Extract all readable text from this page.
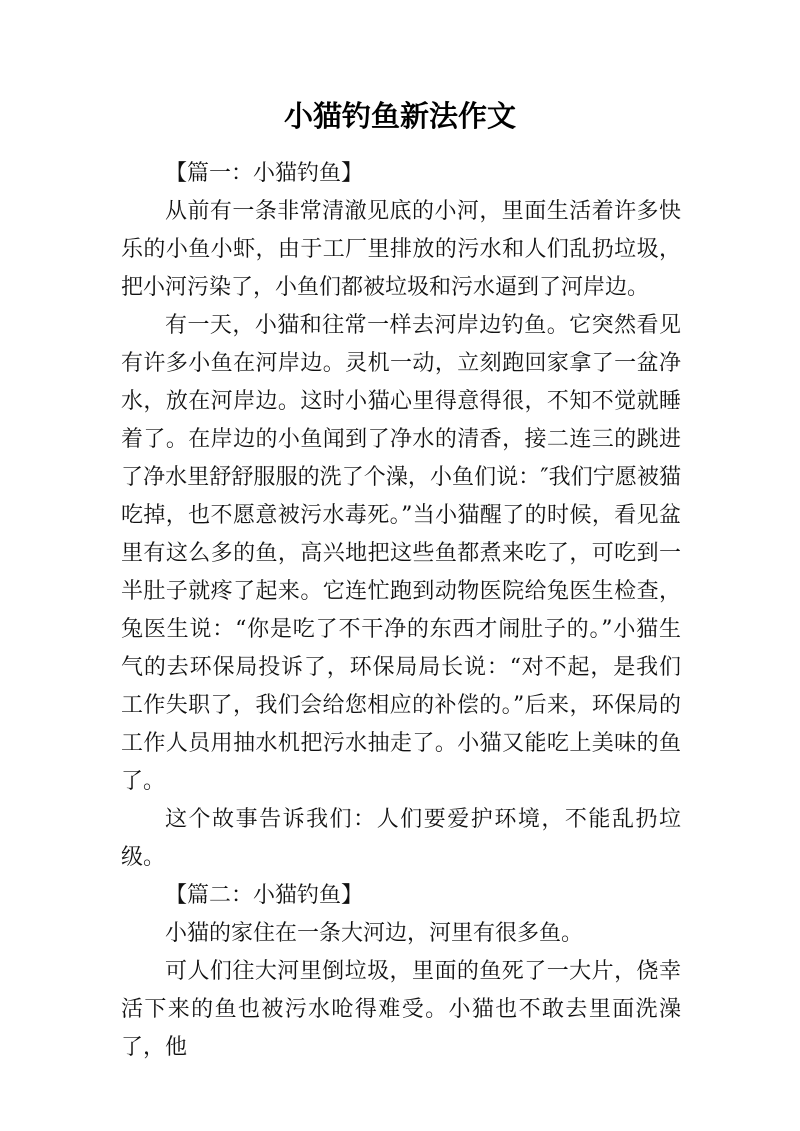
小猫钓鱼新法作文

【篇一：小猫钓鱼】

从前有一条非常清澈见底的小河，里面生活着许多快乐的小鱼小虾，由于工厂里排放的污水和人们乱扔垃圾，把小河污染了，小鱼们都被垃圾和污水逼到了河岸边。

有一天，小猫和往常一样去河岸边钓鱼。它突然看见有许多小鱼在河岸边。灵机一动，立刻跑回家拿了一盆净水，放在河岸边。这时小猫心里得意得很，不知不觉就睡着了。在岸边的小鱼闻到了净水的清香，接二连三的跳进了净水里舒舒服服的洗了个澡，小鱼们说：″我们宁愿被猫吃掉，也不愿意被污水毒死。”当小猫醒了的时候，看见盆里有这么多的鱼，高兴地把这些鱼都煮来吃了，可吃到一半肚子就疼了起来。它连忙跑到动物医院给兔医生检查，兔医生说：“你是吃了不干净的东西才闹肚子的。”小猫生气的去环保局投诉了，环保局局长说：“对不起，是我们工作失职了，我们会给您相应的补偿的。”后来，环保局的工作人员用抽水机把污水抽走了。小猫又能吃上美味的鱼了。

这个故事告诉我们：人们要爱护环境，不能乱扔垃级。

【篇二：小猫钓鱼】

小猫的家住在一条大河边，河里有很多鱼。

可人们往大河里倒垃圾，里面的鱼死了一大片，侥幸活下来的鱼也被污水呛得难受。小猫也不敢去里面洗澡了，他
